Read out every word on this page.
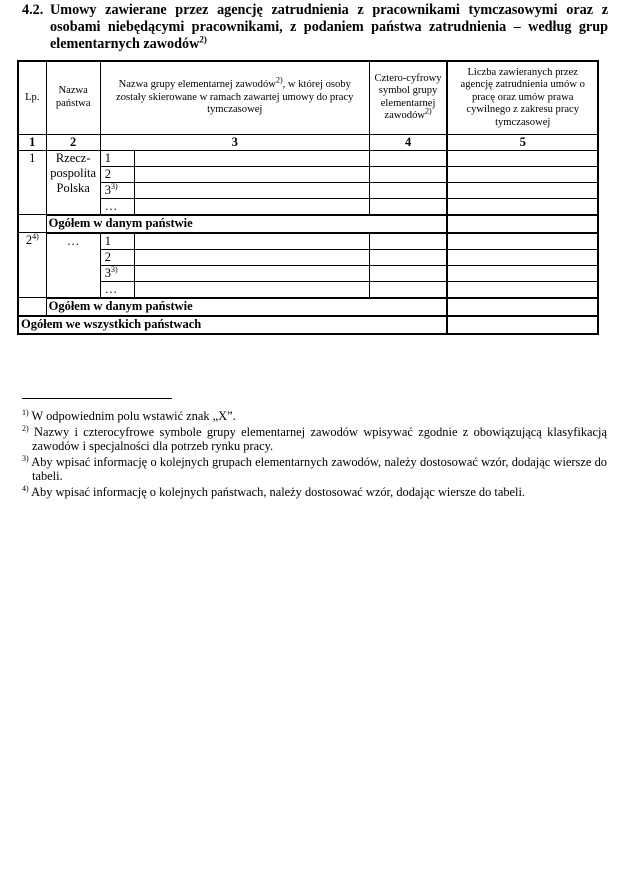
4.2. Umowy zawierane przez agencję zatrudnienia z pracownikami tymczasowymi oraz z osobami niebędącymi pracownikami, z podaniem państwa zatrudnienia – według grup elementarnych zawodów$^{2)}$
Lp.	Nazwa państwa	Nazwa grupy elementarnej zawodów$^{2)}$, w której osoby zostały skierowane w ramach zawartej umowy do pracy tymczasowej		Cztero-cyfrowy symbol grupy elementarnej zawodów$^{2)}$	Liczba zawieranych przez agencję zatrudnienia umów o pracę oraz umów prawa cywilnego z zakresu pracy tymczasowej
1	2	3		4	5
1	Rzecz-pospolita Polska	1			
		2			
		3$^{3)}$			
		…			
	Ogółem w danym państwie				
2$^{4)}$	…	1			
		2			
		3$^{3)}$			
		…			
	Ogółem w danym państwie				
Ogółem we wszystkich państwach					

$^{1)}$ W odpowiednim polu wstawić znak „X”.

$^{2)}$ Nazwy i czterocyfrowe symbole grupy elementarnej zawodów wpisywać zgodnie z obowiązującą klasyfikacją zawodów i specjalności dla potrzeb rynku pracy.

$^{3)}$ Aby wpisać informację o kolejnych grupach elementarnych zawodów, należy dostosować wzór, dodając wiersze do tabeli.

$^{4)}$ Aby wpisać informację o kolejnych państwach, należy dostosować wzór, dodając wiersze do tabeli.
